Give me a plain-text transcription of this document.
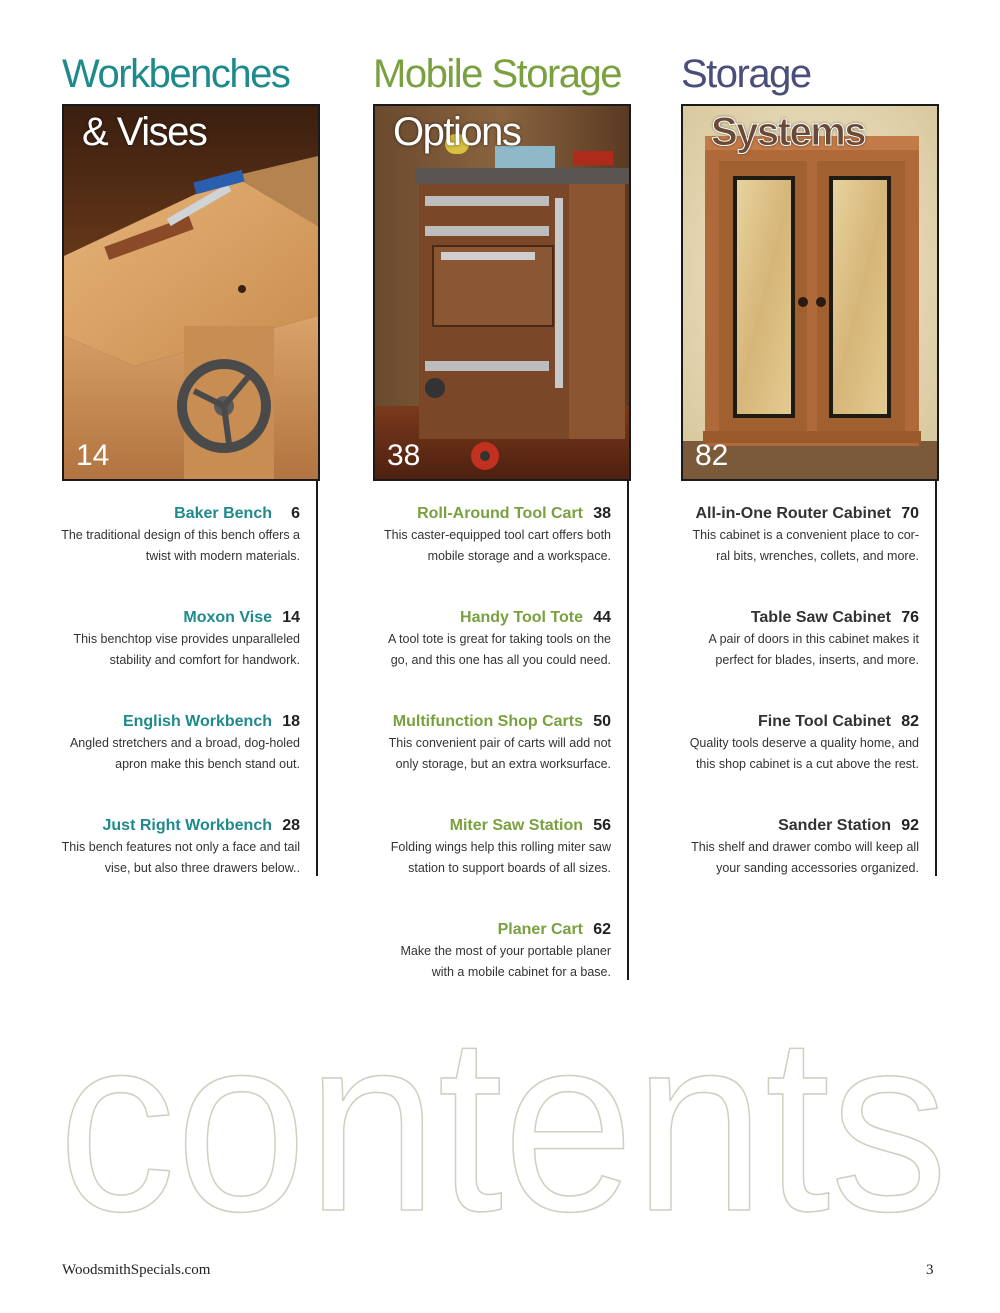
Workbenches
& Vises
14
Baker Bench 6
The traditional design of this bench offers a twist with modern materials.
Moxon Vise 14
This benchtop vise provides unparalleled stability and comfort for handwork.
English Workbench 18
Angled stretchers and a broad, dog-holed apron make this bench stand out.
Just Right Workbench 28
This bench features not only a face and tail vise, but also three drawers below..
Mobile Storage
Options
38
Roll-Around Tool Cart 38
This caster-equipped tool cart offers both mobile storage and a workspace.
Handy Tool Tote 44
A tool tote is great for taking tools on the go, and this one has all you could need.
Multifunction Shop Carts 50
This convenient pair of carts will add not only storage, but an extra worksurface.
Miter Saw Station 56
Folding wings help this rolling miter saw station to support boards of all sizes.
Planer Cart 62
Make the most of your portable planer with a mobile cabinet for a base.
Storage
Systems
82
All-in-One Router Cabinet 70
This cabinet is a convenient place to cor-ral bits, wrenches, collets, and more.
Table Saw Cabinet 76
A pair of doors in this cabinet makes it perfect for blades, inserts, and more.
Fine Tool Cabinet 82
Quality tools deserve a quality home, and this shop cabinet is a cut above the rest.
Sander Station 92
This shelf and drawer combo will keep all your sanding accessories organized.
contents
WoodsmithSpecials.com	3
